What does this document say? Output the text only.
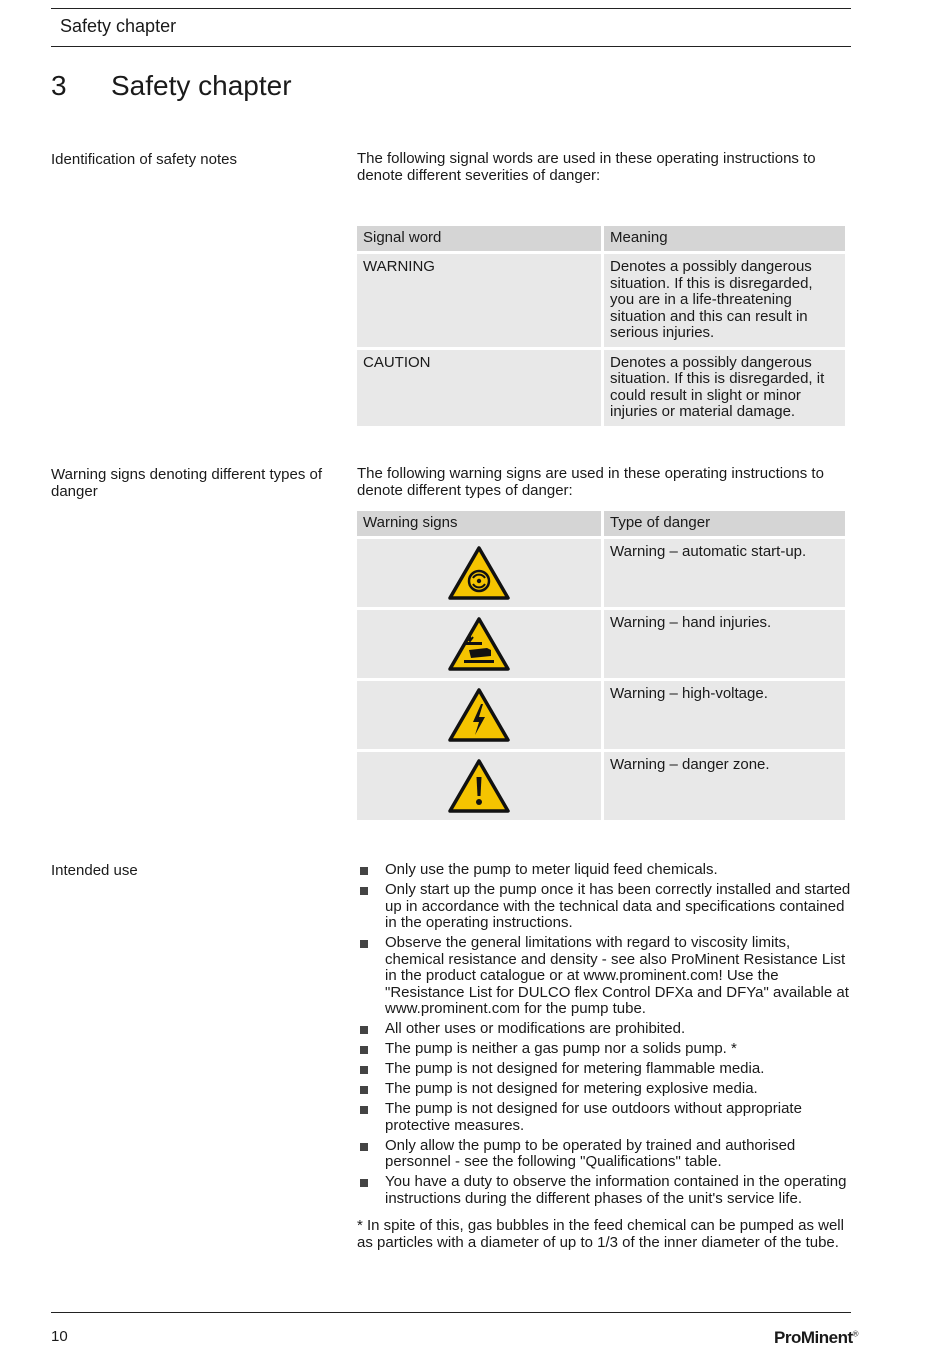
Safety chapter
3 Safety chapter
Identification of safety notes	The following signal words are used in these operating instructions to denote different severities of danger:
Signal word	Meaning
WARNING	Denotes a possibly dangerous situation. If this is disregarded, you are in a life-threatening situation and this can result in serious injuries.
CAUTION	Denotes a possibly dangerous situation. If this is disregarded, it could result in slight or minor injuries or material damage.
Warning signs denoting different types of danger
The following warning signs are used in these operating instructions to denote different types of danger:
Warning signs	Type of danger

	Warning – automatic start-up.

	Warning – hand injuries.

	Warning – high-voltage.

	Warning – danger zone.
Intended use	Only use the pump to meter liquid feed chemicals.
Only start up the pump once it has been correctly installed and started up in accordance with the technical data and specifications contained in the operating instructions.
Observe the general limitations with regard to viscosity limits, chemical resistance and density - see also ProMinent Resistance List in the product catalogue or at www.prominent.com! Use the "Resistance List for DULCO flex Control DFXa and DFYa" available at www.prominent.com for the pump tube.
All other uses or modifications are prohibited.
The pump is neither a gas pump nor a solids pump. *
The pump is not designed for metering flammable media.
The pump is not designed for metering explosive media.
The pump is not designed for use outdoors without appropriate protective measures.
Only allow the pump to be operated by trained and authorised personnel - see the following "Qualifications" table.
You have a duty to observe the information contained in the operating instructions during the different phases of the unit's service life.
* In spite of this, gas bubbles in the feed chemical can be pumped as well as particles with a diameter of up to 1/3 of the inner diameter of the tube.
10	ProMinent®
